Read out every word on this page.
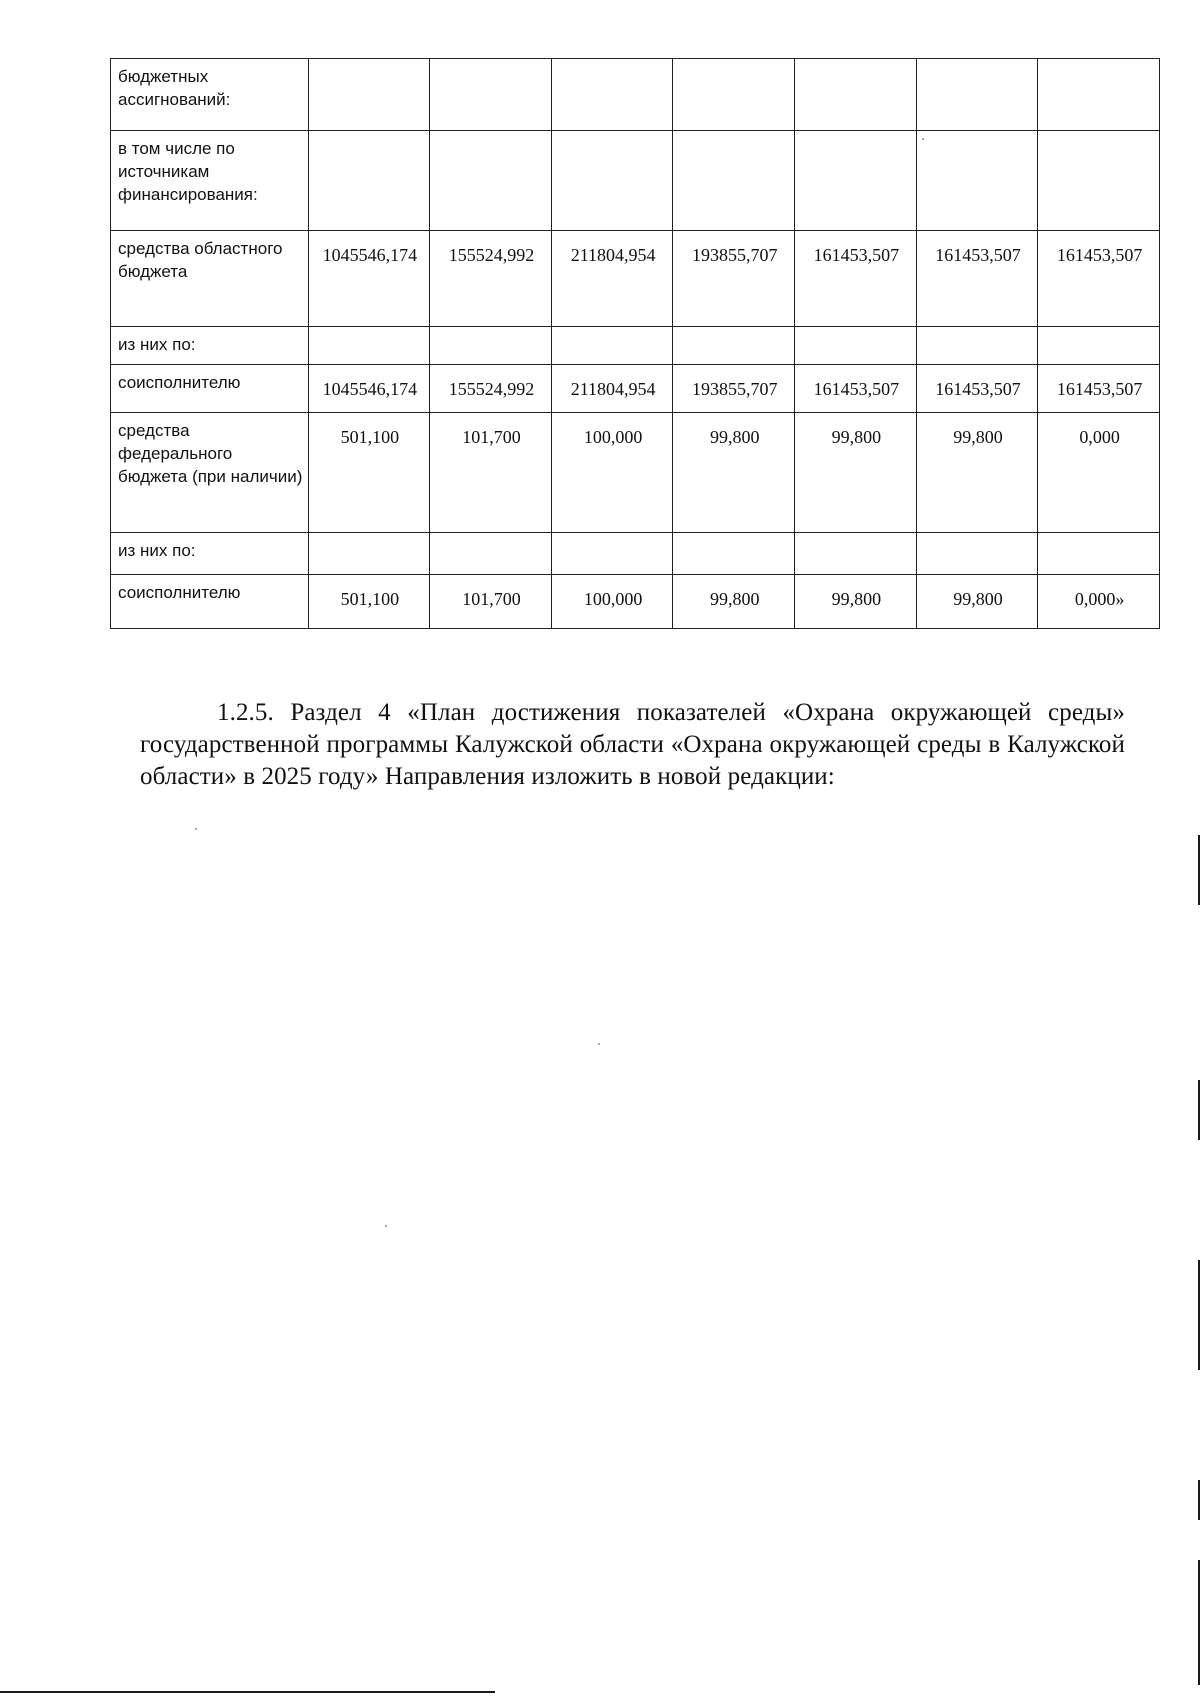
бюджетных ассигнований:							
в том числе по источникам финансирования:							
средства областного бюджета	1045546,174	155524,992	211804,954	193855,707	161453,507	161453,507	161453,507
из них по:							
соисполнителю	1045546,174	155524,992	211804,954	193855,707	161453,507	161453,507	161453,507
средства федерального бюджета (при наличии)	501,100	101,700	100,000	99,800	99,800	99,800	0,000
из них по:							
соисполнителю	501,100	101,700	100,000	99,800	99,800	99,800	0,000»

1.2.5. Раздел 4 «План достижения показателей «Охрана окружающей среды» государственной программы Калужской области «Охрана окружающей среды в Калужской области» в 2025 году» Направления изложить в новой редакции:
